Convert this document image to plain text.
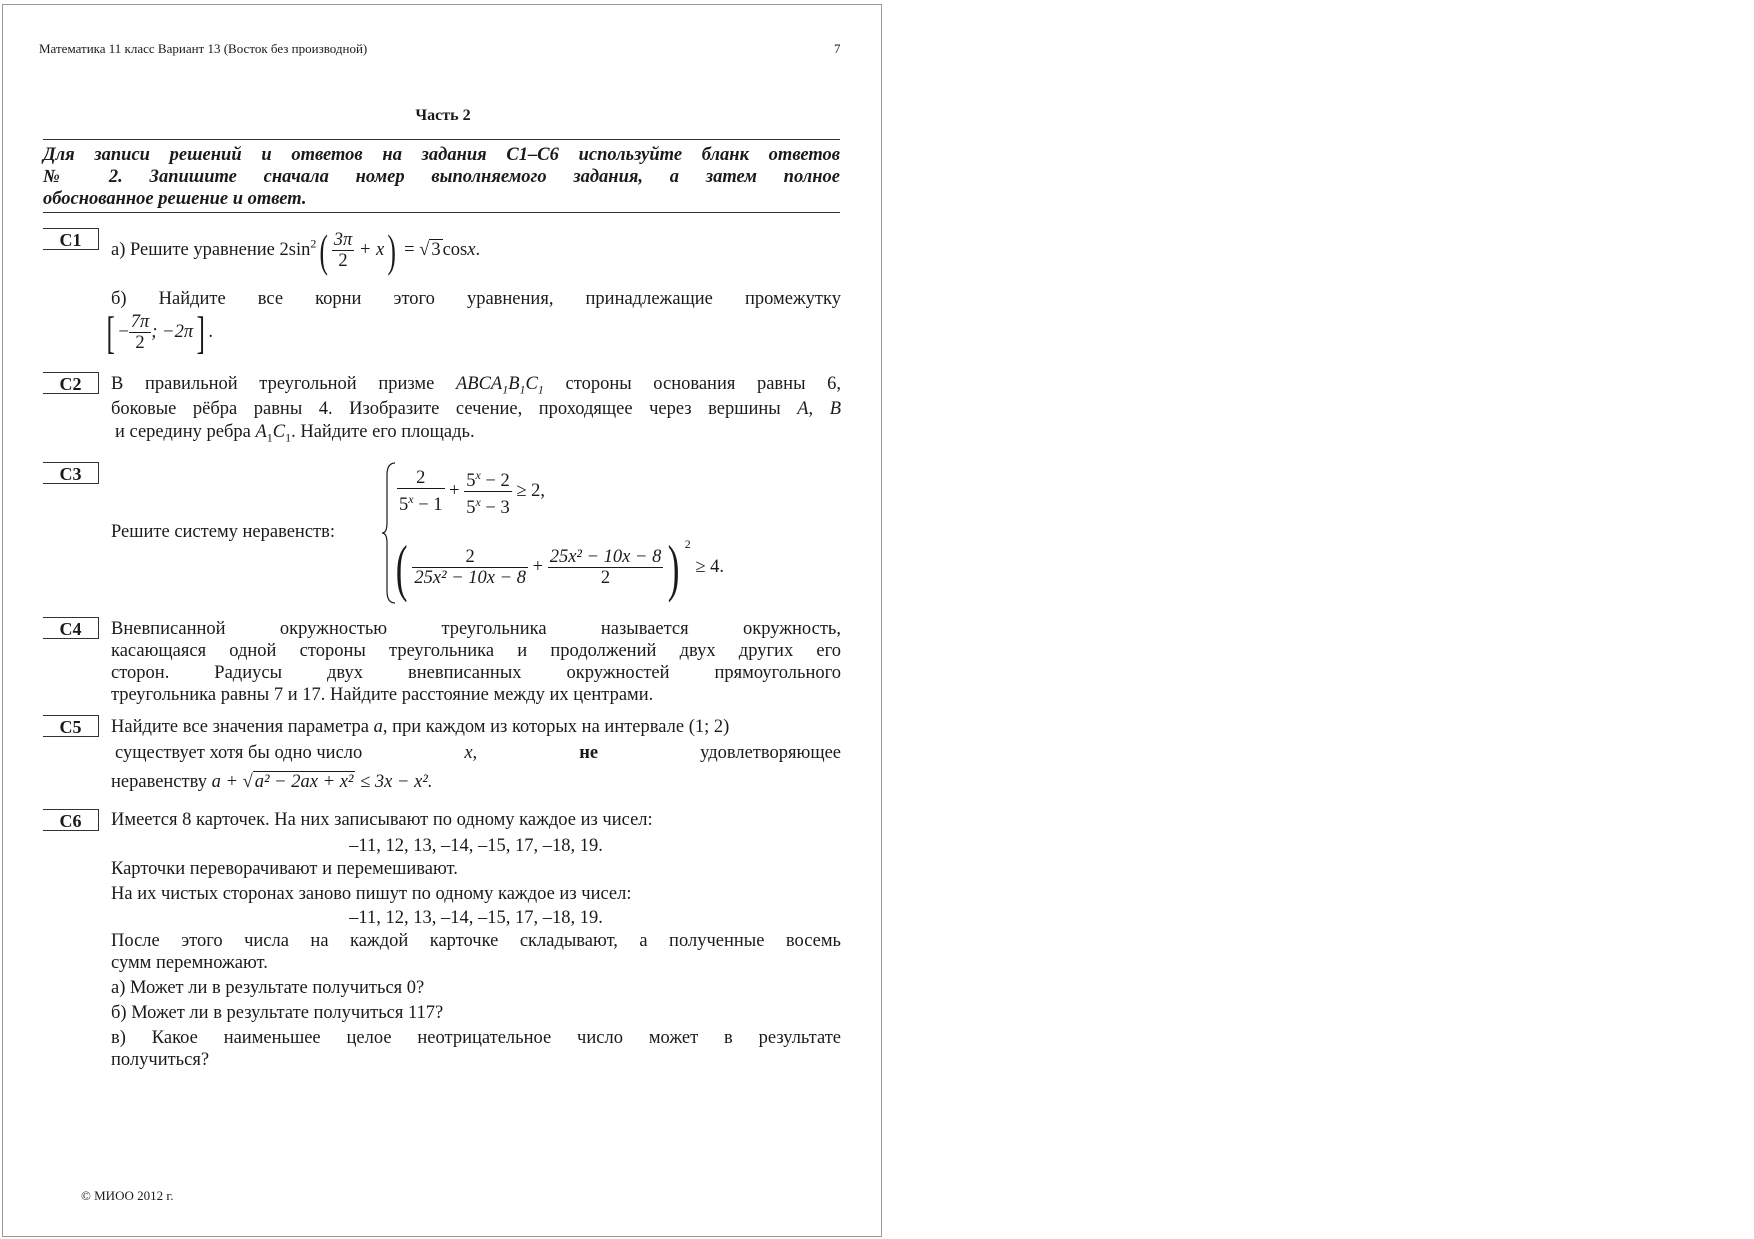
Математика 11 класс Вариант 13 (Восток без производной)	7
Часть 2
Для записи решений и ответов на задания С1–С6 используйте бланк ответов
№ 2. Запишите сначала номер выполняемого задания, а затем полное
обоснованное решение и ответ.
С1	а) Решите уравнение $2\sin^2( \frac{3\pi}{2} + x)$ = √ 3 cosx.
б) Найдите все корни этого уравнения, принадлежащие промежутку
[ − $\frac{7\pi}{2}$ ; −2π] .
С2	В правильной треугольной призме $ABCA_1B_1C_1$ стороны основания равны 6,
боковые рёбра равны 4. Изобразите сечение, проходящее через вершины A, B
и середину ребра $A_1C_1$. Найдите его площадь.
С3
Решите систему неравенств:
$\frac{2}{5^x - 1} + \frac{5^x - 2}{5^x - 3} \ge 2$,
( $\frac{2}{\text{25x² − 10x − 8}} + \frac{\text{25x² − 10x − 8}}{2}$ ) $^2$ ≥ 4.
С4	Вневписанной окружностью треугольника называется окружность,
касающаяся одной стороны треугольника и продолжений двух других его
сторон. Радиусы двух вневписанных окружностей прямоугольного
треугольника равны 7 и 17. Найдите расстояние между их центрами.
С5	Найдите все значения параметра a, при каждом из которых на интервале (1; 2)
существует хотя бы одно число	x,	не	удовлетворяющее
неравенству a + √ a² − 2ax + x² ≤ 3x − x².
С6	Имеется 8 карточек. На них записывают по одному каждое из чисел:
–11, 12, 13, –14, –15, 17, –18, 19.
Карточки переворачивают и перемешивают.
На их чистых сторонах заново пишут по одному каждое из чисел:
–11, 12, 13, –14, –15, 17, –18, 19.
После этого числа на каждой карточке складывают, а полученные восемь
сумм перемножают.
а) Может ли в результате получиться 0?
б) Может ли в результате получиться 117?
в) Какое наименьшее целое неотрицательное число может в результате
получиться?
© МИОО 2012 г.
